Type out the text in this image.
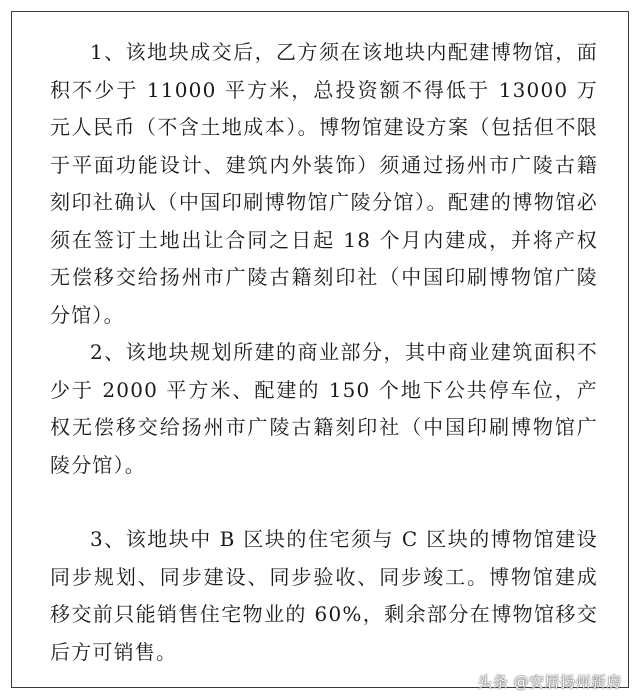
1、该地块成交后，乙方须在该地块内配建博物馆，面积不少于 11000 平方米，总投资额不得低于 13000 万元人民币（不含土地成本）。博物馆建设方案（包括但不限于平面功能设计、建筑内外装饰）须通过扬州市广陵古籍刻印社确认（中国印刷博物馆广陵分馆）。配建的博物馆必须在签订土地出让合同之日起 18 个月内建成，并将产权无偿移交给扬州市广陵古籍刻印社（中国印刷博物馆广陵分馆）。

2、该地块规划所建的商业部分，其中商业建筑面积不少于 2000 平方米、配建的 150 个地下公共停车位，产权无偿移交给扬州市广陵古籍刻印社（中国印刷博物馆广陵分馆）。

3、该地块中 B 区块的住宅须与 C 区块的博物馆建设同步规划、同步建设、同步验收、同步竣工。博物馆建成移交前只能销售住宅物业的 60%，剩余部分在博物馆移交后方可销售。

头条 @安居扬州新房
